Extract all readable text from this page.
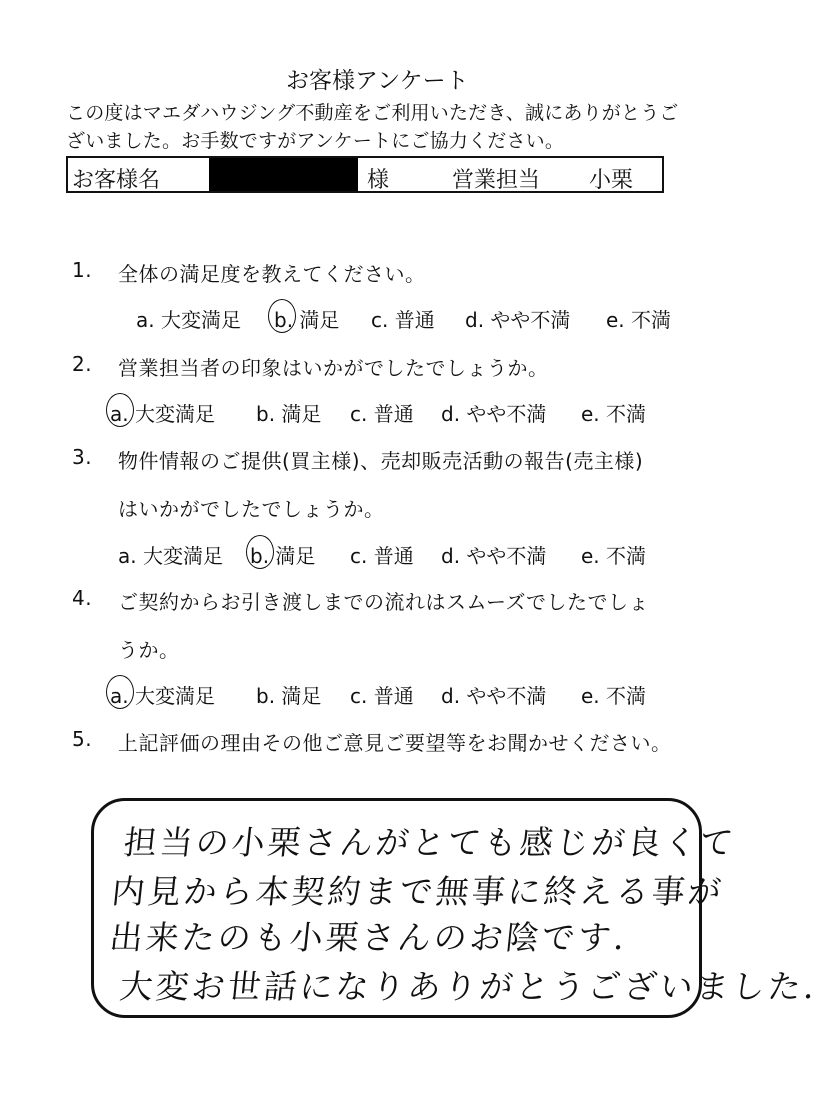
お客様アンケート
この度はマエダハウジング不動産をご利用いただき、誠にありがとうご
ざいました。お手数ですがアンケートにご協力ください。
お客様名	様	営業担当 小栗
1. 全体の満足度を教えてください。
a. 大変満足 b. 満足 c. 普通 d. やや不満 e. 不満
2. 営業担当者の印象はいかがでしたでしょうか。
a. 大変満足 b. 満足 c. 普通 d. やや不満 e. 不満
3. 物件情報のご提供(買主様)、売却販売活動の報告(売主様)
はいかがでしたでしょうか。
a. 大変満足 b. 満足 c. 普通 d. やや不満 e. 不満
4. ご契約からお引き渡しまでの流れはスムーズでしたでしょ
うか。
a. 大変満足 b. 満足 c. 普通 d. やや不満 e. 不満
5. 上記評価の理由その他ご意見ご要望等をお聞かせください。
担当の小栗さんがとても感じが良くて
内見から本契約まで無事に終える事が
出来たのも小栗さんのお陰です.
大変お世話になりありがとうございました.
